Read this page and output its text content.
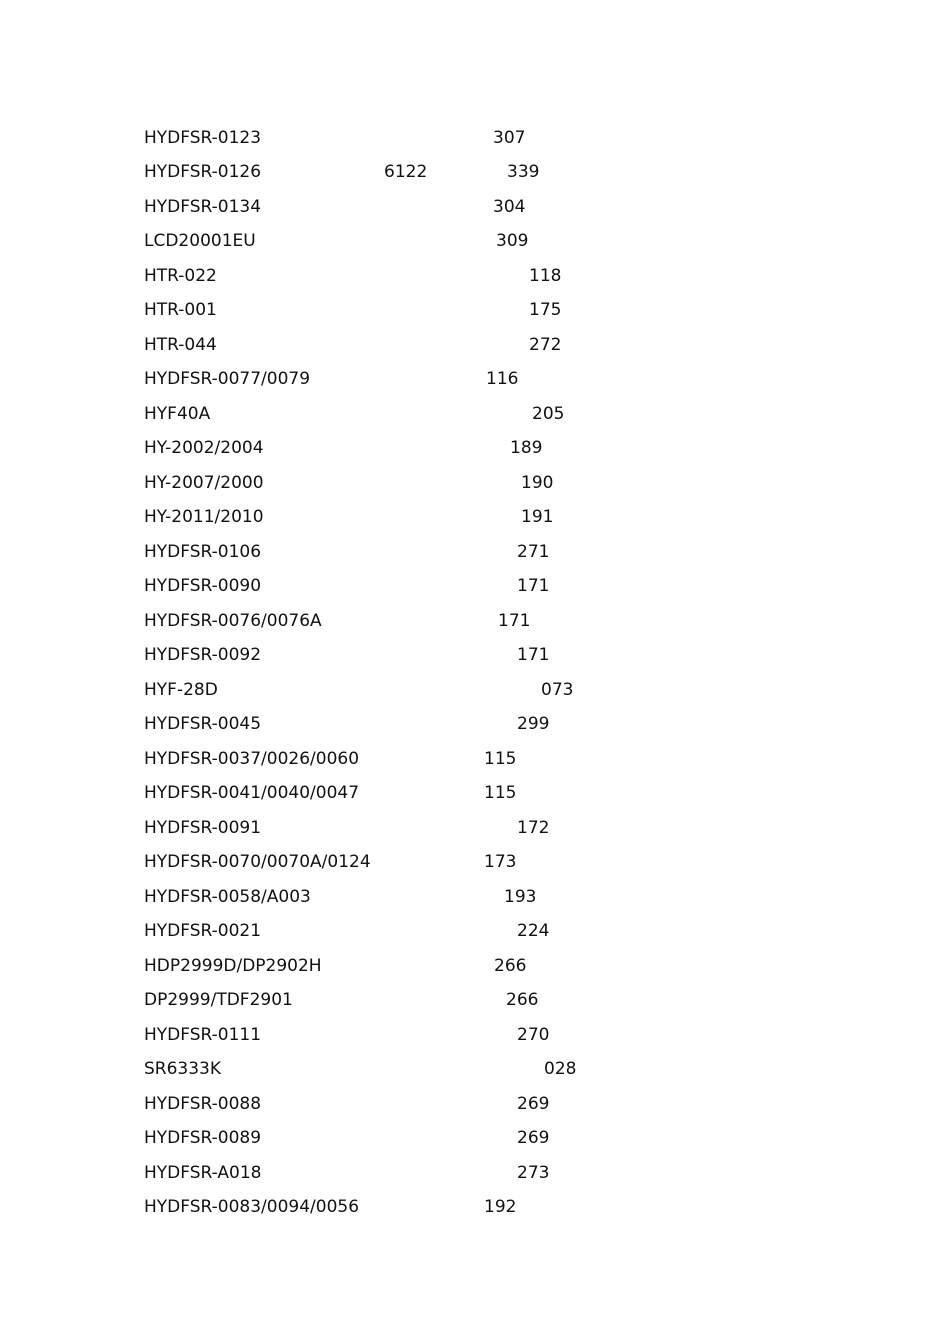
HYDFSR-0123	307
HYDFSR-0126	6122	339
HYDFSR-0134	304
LCD20001EU	309
HTR-022	118
HTR-001	175
HTR-044	272
HYDFSR-0077/0079	116
HYF40A	205
HY-2002/2004	189
HY-2007/2000	190
HY-2011/2010	191
HYDFSR-0106	271
HYDFSR-0090	171
HYDFSR-0076/0076A	171
HYDFSR-0092	171
HYF-28D	073
HYDFSR-0045	299
HYDFSR-0037/0026/0060	115
HYDFSR-0041/0040/0047	115
HYDFSR-0091	172
HYDFSR-0070/0070A/0124	173
HYDFSR-0058/A003	193
HYDFSR-0021	224
HDP2999D/DP2902H	266
DP2999/TDF2901	266
HYDFSR-0111	270
SR6333K	028
HYDFSR-0088	269
HYDFSR-0089	269
HYDFSR-A018	273
HYDFSR-0083/0094/0056	192
